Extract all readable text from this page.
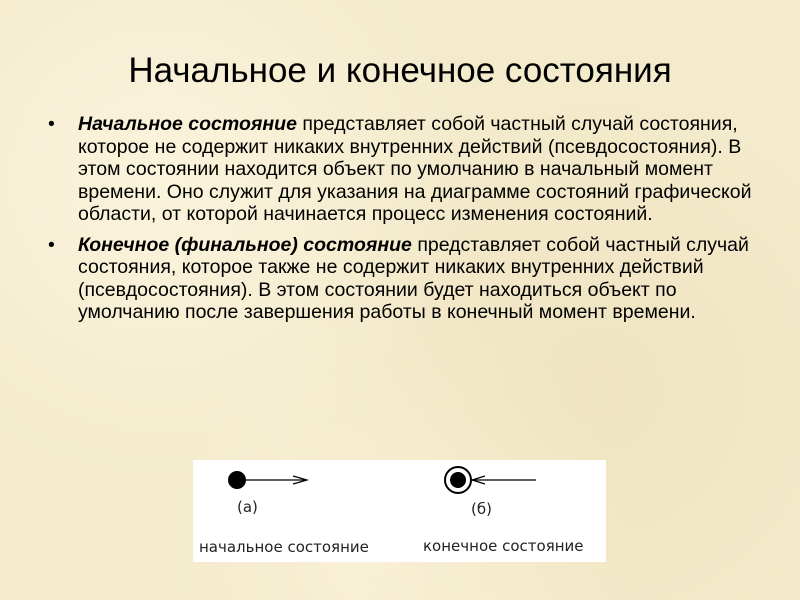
Начальное и конечное состояния
• Начальное состояние представляет собой частный случай состояния, которое не содержит никаких внутренних действий (псевдосостояния). В этом состоянии находится объект по умолчанию в начальный момент времени. Оно служит для указания на диаграмме состояний графической области, от которой начинается процесс изменения состояний.
• Конечное (финальное) состояние представляет собой частный случай состояния, которое также не содержит никаких внутренних действий (псевдосостояния). В этом состоянии будет находиться объект по умолчанию после завершения работы в конечный момент времени.
(а)	(б)
начальное состояние	конечное состояние
